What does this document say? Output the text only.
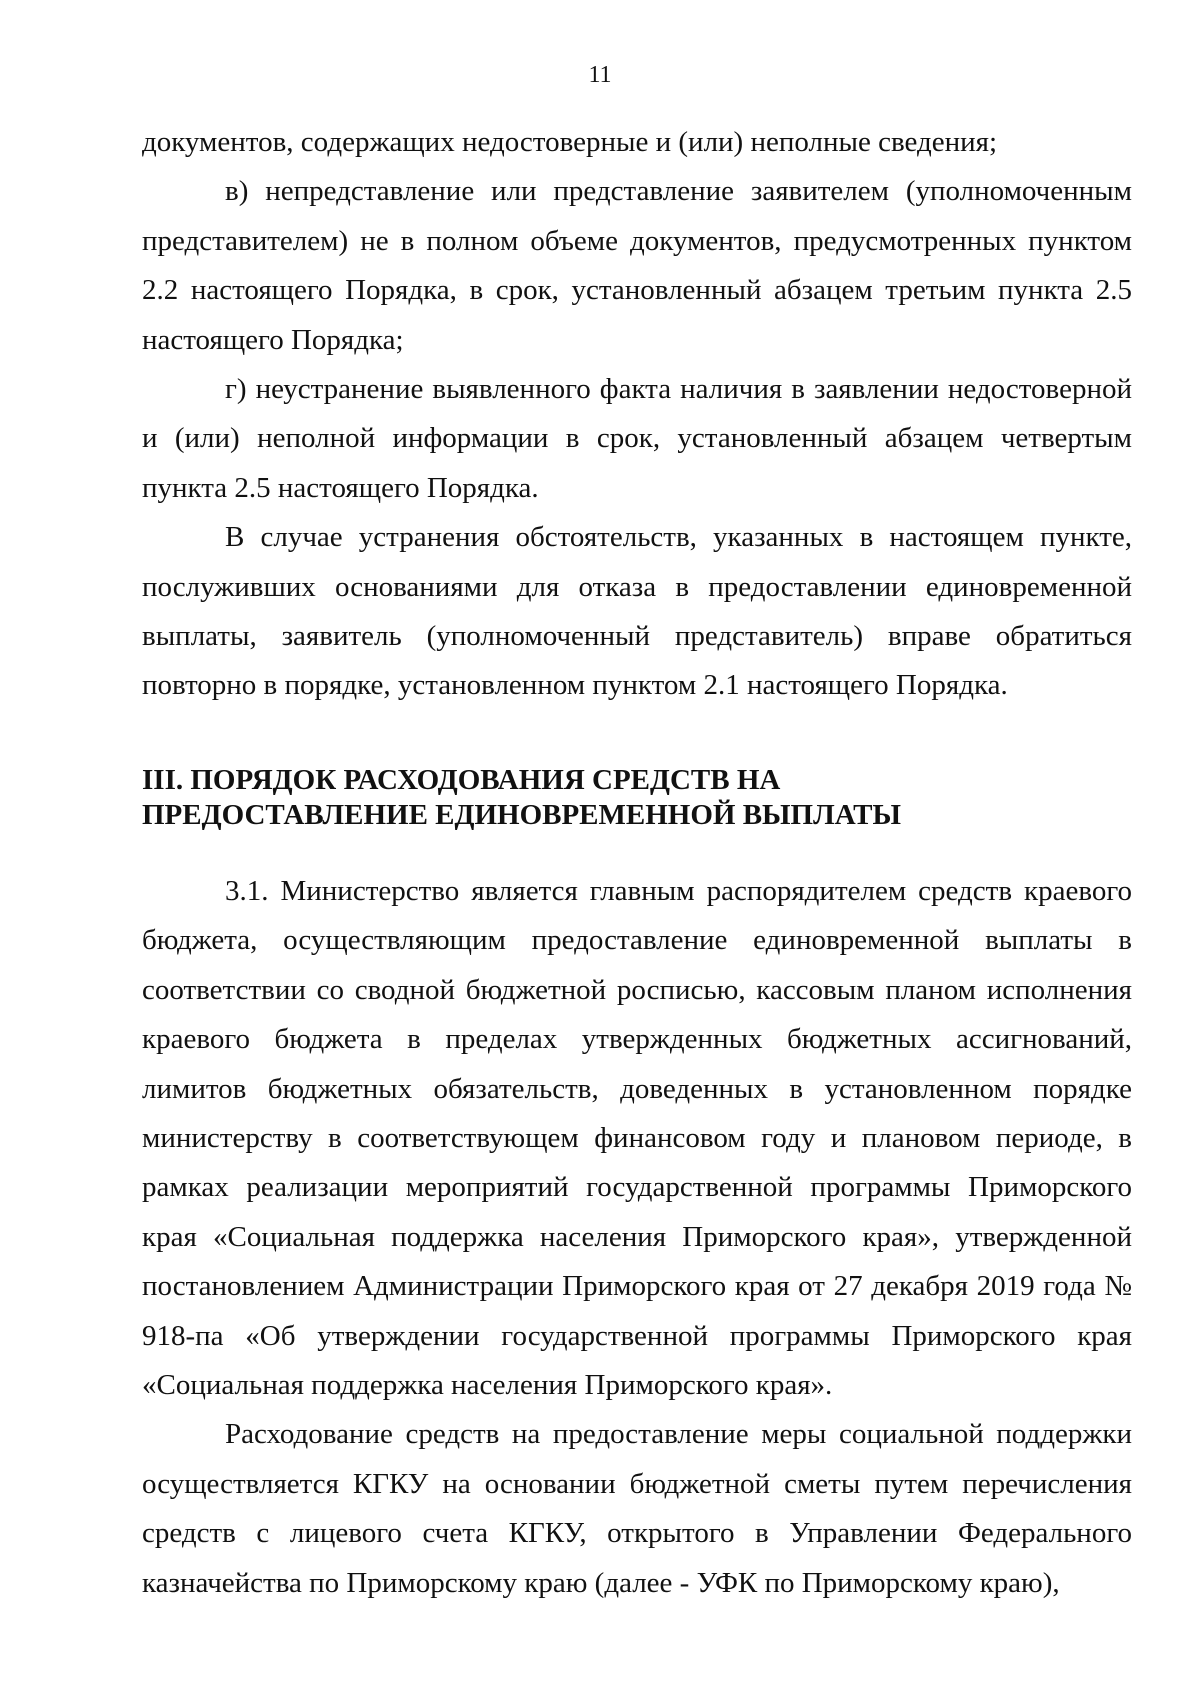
11

документов, содержащих недостоверные и (или) неполные сведения;

в) непредставление или представление заявителем (уполномоченным представителем) не в полном объеме документов, предусмотренных пунктом 2.2 настоящего Порядка, в срок, установленный абзацем третьим пункта 2.5 настоящего Порядка;

г) неустранение выявленного факта наличия в заявлении недостоверной и (или) неполной информации в срок, установленный абзацем четвертым пункта 2.5 настоящего Порядка.

В случае устранения обстоятельств, указанных в настоящем пункте, послуживших основаниями для отказа в предоставлении единовременной выплаты, заявитель (уполномоченный представитель) вправе обратиться повторно в порядке, установленном пунктом 2.1 настоящего Порядка.

III. ПОРЯДОК РАСХОДОВАНИЯ СРЕДСТВ НА

ПРЕДОСТАВЛЕНИЕ ЕДИНОВРЕМЕННОЙ ВЫПЛАТЫ

3.1. Министерство является главным распорядителем средств краевого бюджета, осуществляющим предоставление единовременной выплаты в соответствии со сводной бюджетной росписью, кассовым планом исполнения краевого бюджета в пределах утвержденных бюджетных ассигнований, лимитов бюджетных обязательств, доведенных в установленном порядке министерству в соответствующем финансовом году и плановом периоде, в рамках реализации мероприятий государственной программы Приморского края «Социальная поддержка населения Приморского края», утвержденной постановлением Администрации Приморского края от 27 декабря 2019 года № 918-па «Об утверждении государственной программы Приморского края «Социальная поддержка населения Приморского края».

Расходование средств на предоставление меры социальной поддержки осуществляется КГКУ на основании бюджетной сметы путем перечисления средств с лицевого счета КГКУ, открытого в Управлении Федерального казначейства по Приморскому краю (далее - УФК по Приморскому краю),
